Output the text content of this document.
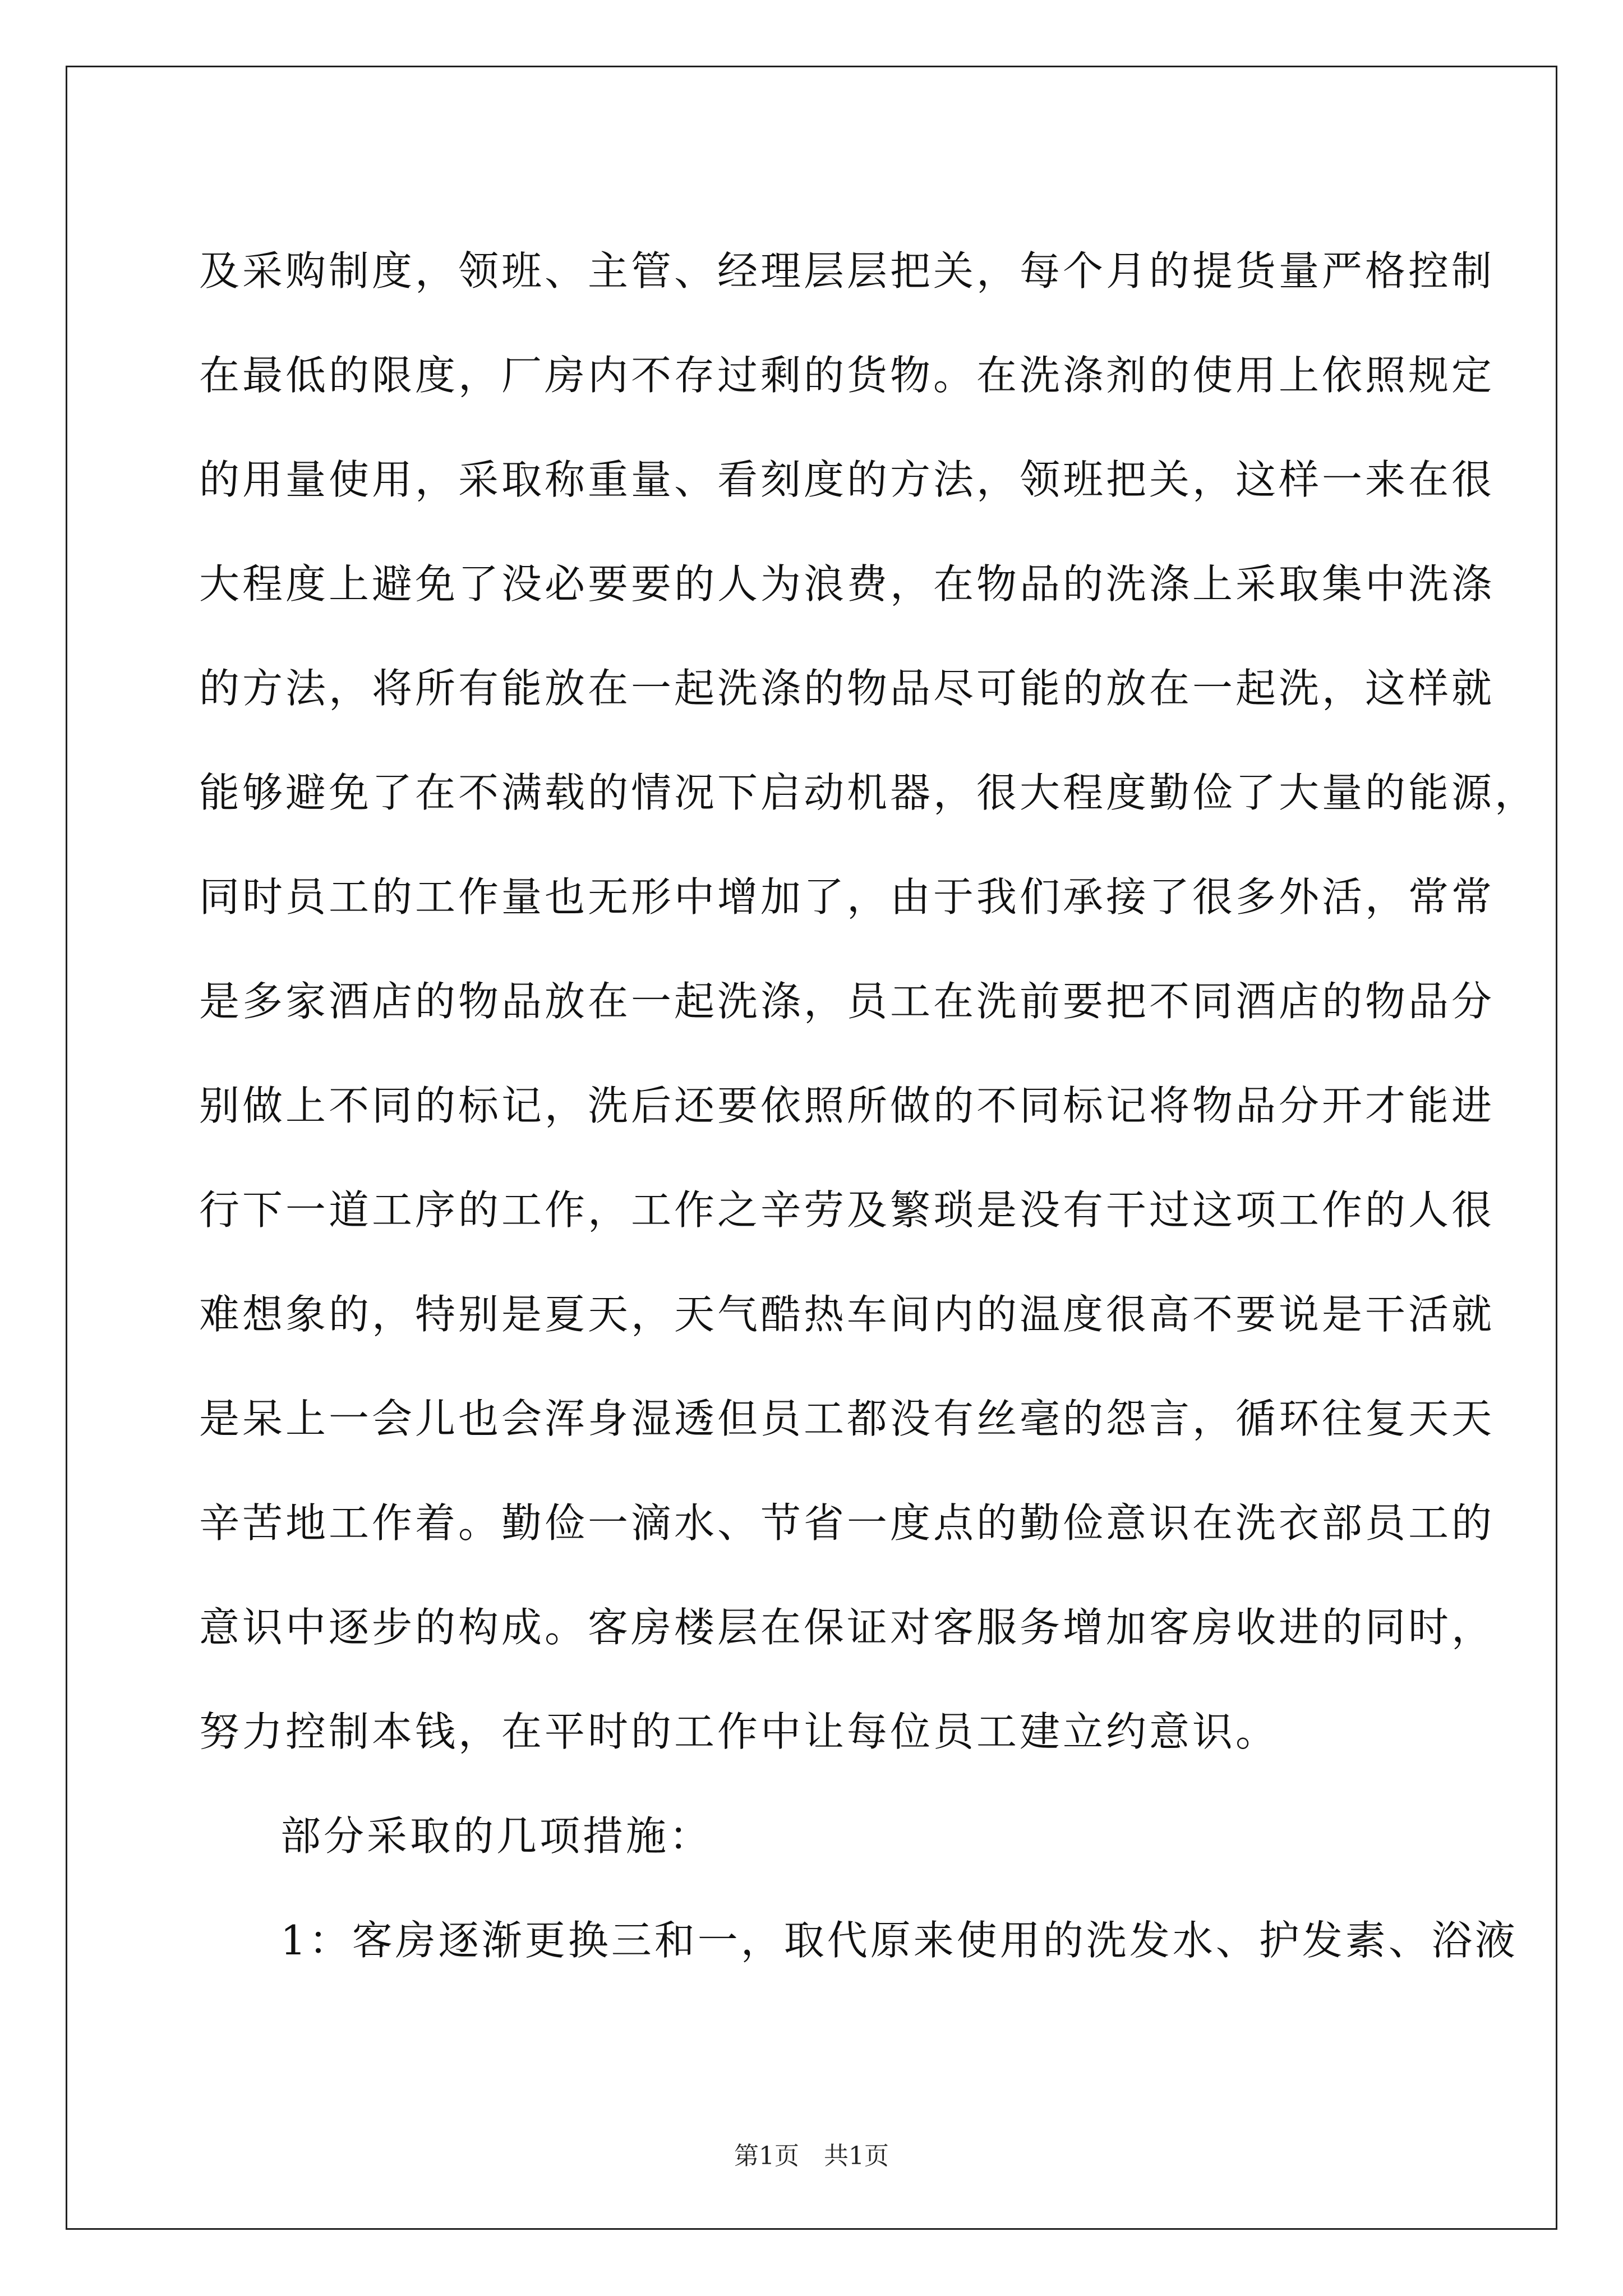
及采购制度，领班、主管、经理层层把关，每个月的提货量严格控制
在最低的限度，厂房内不存过剩的货物。在洗涤剂的使用上依照规定
的用量使用，采取称重量、看刻度的方法，领班把关，这样一来在很
大程度上避免了没必要要的人为浪费，在物品的洗涤上采取集中洗涤
的方法，将所有能放在一起洗涤的物品尽可能的放在一起洗，这样就
能够避免了在不满载的情况下启动机器，很大程度勤俭了大量的能源，
同时员工的工作量也无形中增加了，由于我们承接了很多外活，常常
是多家酒店的物品放在一起洗涤，员工在洗前要把不同酒店的物品分
别做上不同的标记，洗后还要依照所做的不同标记将物品分开才能进
行下一道工序的工作，工作之辛劳及繁琐是没有干过这项工作的人很
难想象的，特别是夏天，天气酷热车间内的温度很高不要说是干活就
是呆上一会儿也会浑身湿透但员工都没有丝毫的怨言，循环往复天天
辛苦地工作着。勤俭一滴水、节省一度点的勤俭意识在洗衣部员工的
意识中逐步的构成。客房楼层在保证对客服务增加客房收进的同时，
努力控制本钱，在平时的工作中让每位员工建立约意识。
部分采取的几项措施：
1：客房逐渐更换三和一，取代原来使用的洗发水、护发素、浴液
第1页　共1页
